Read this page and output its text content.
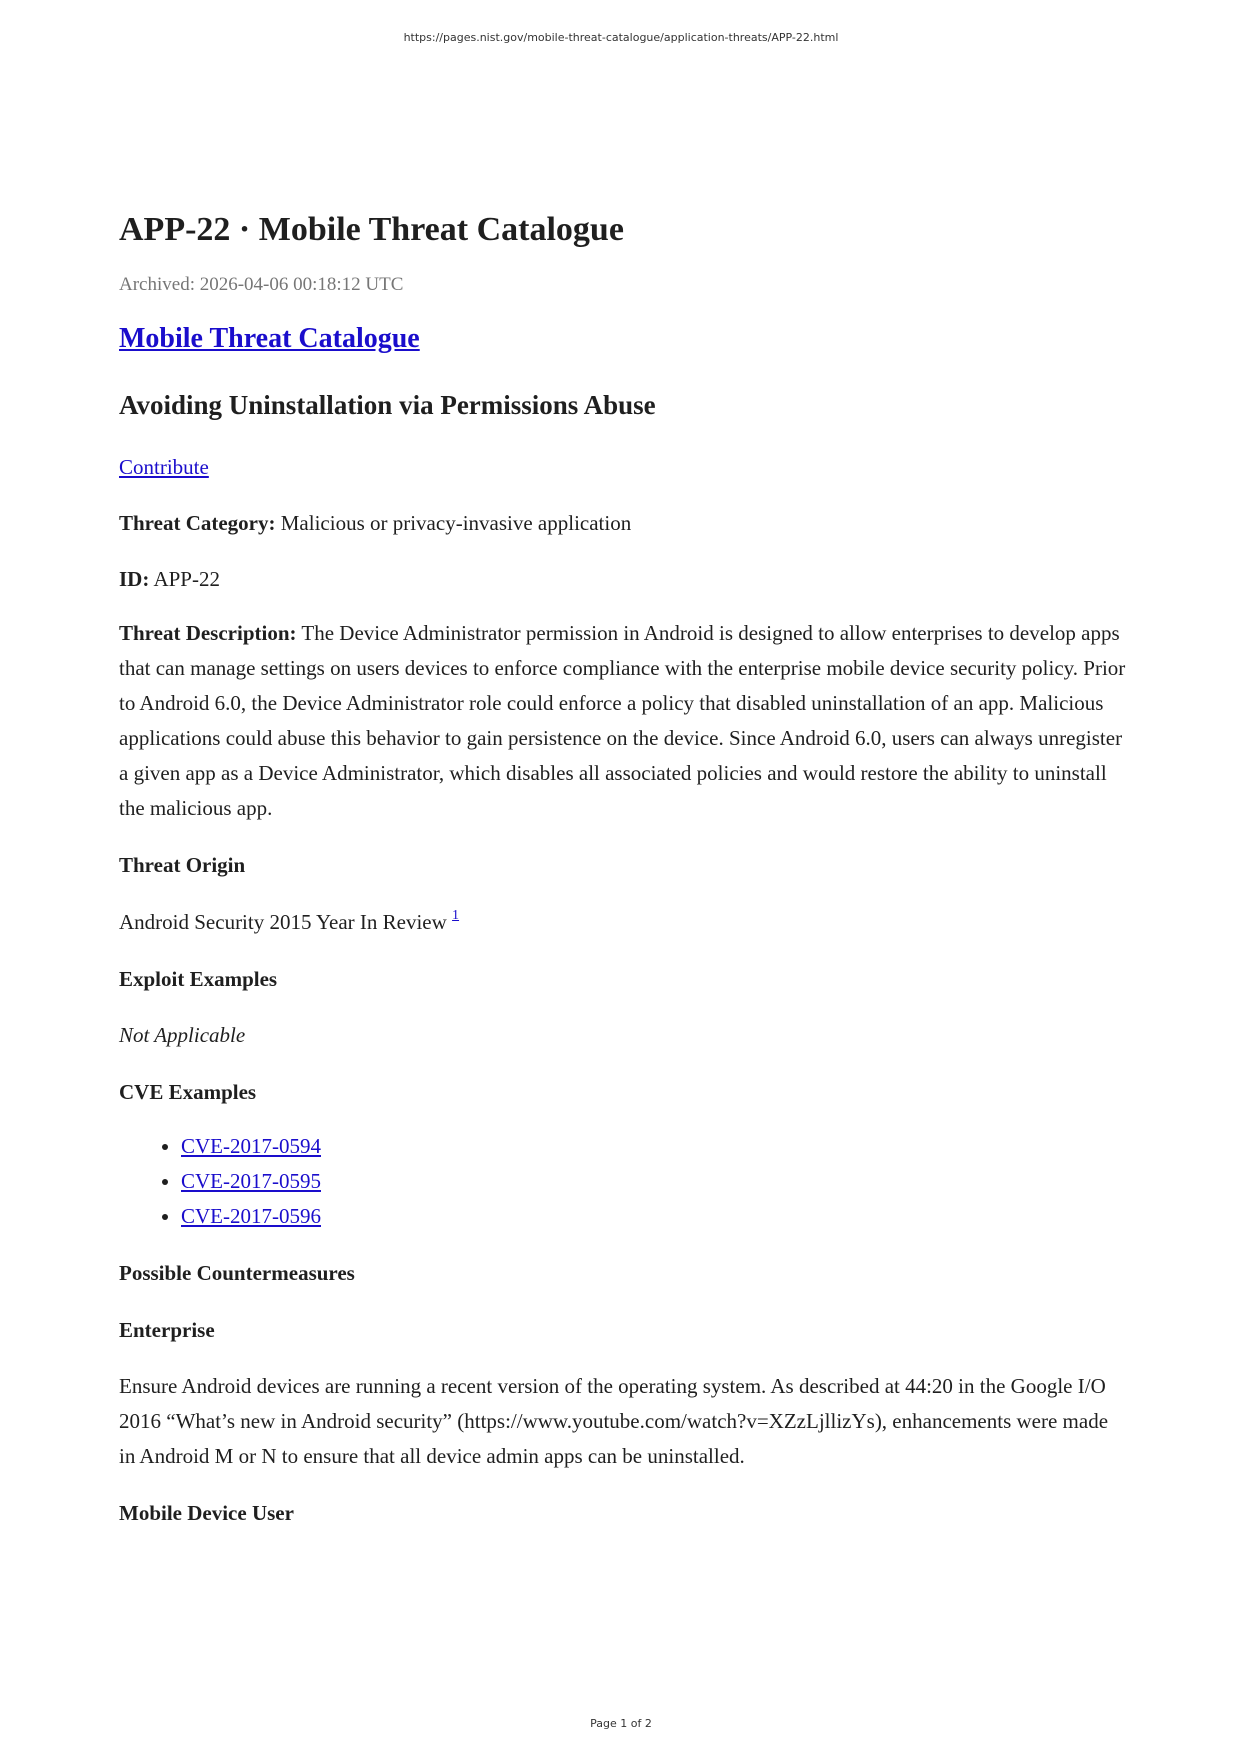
https://pages.nist.gov/mobile-threat-catalogue/application-threats/APP-22.html
APP-22 · Mobile Threat Catalogue
Archived: 2026-04-06 00:18:12 UTC
Mobile Threat Catalogue
Avoiding Uninstallation via Permissions Abuse

Contribute

Threat Category: Malicious or privacy-invasive application

ID: APP-22

Threat Description: The Device Administrator permission in Android is designed to allow enterprises to develop apps that can manage settings on users devices to enforce compliance with the enterprise mobile device security policy. Prior to Android 6.0, the Device Administrator role could enforce a policy that disabled uninstallation of an app. Malicious applications could abuse this behavior to gain persistence on the device. Since Android 6.0, users can always unregister a given app as a Device Administrator, which disables all associated policies and would restore the ability to uninstall the malicious app.

Threat Origin

Android Security 2015 Year In Review $^1$

Exploit Examples

Not Applicable

CVE Examples
• CVE-2017-0594
• CVE-2017-0595
• CVE-2017-0596
Possible Countermeasures
Enterprise

Ensure Android devices are running a recent version of the operating system. As described at 44:20 in the Google I/O 2016 “What’s new in Android security” (https://www.youtube.com/watch?v=XZzLjllizYs), enhancements were made in Android M or N to ensure that all device admin apps can be uninstalled.

Mobile Device User
Page 1 of 2
